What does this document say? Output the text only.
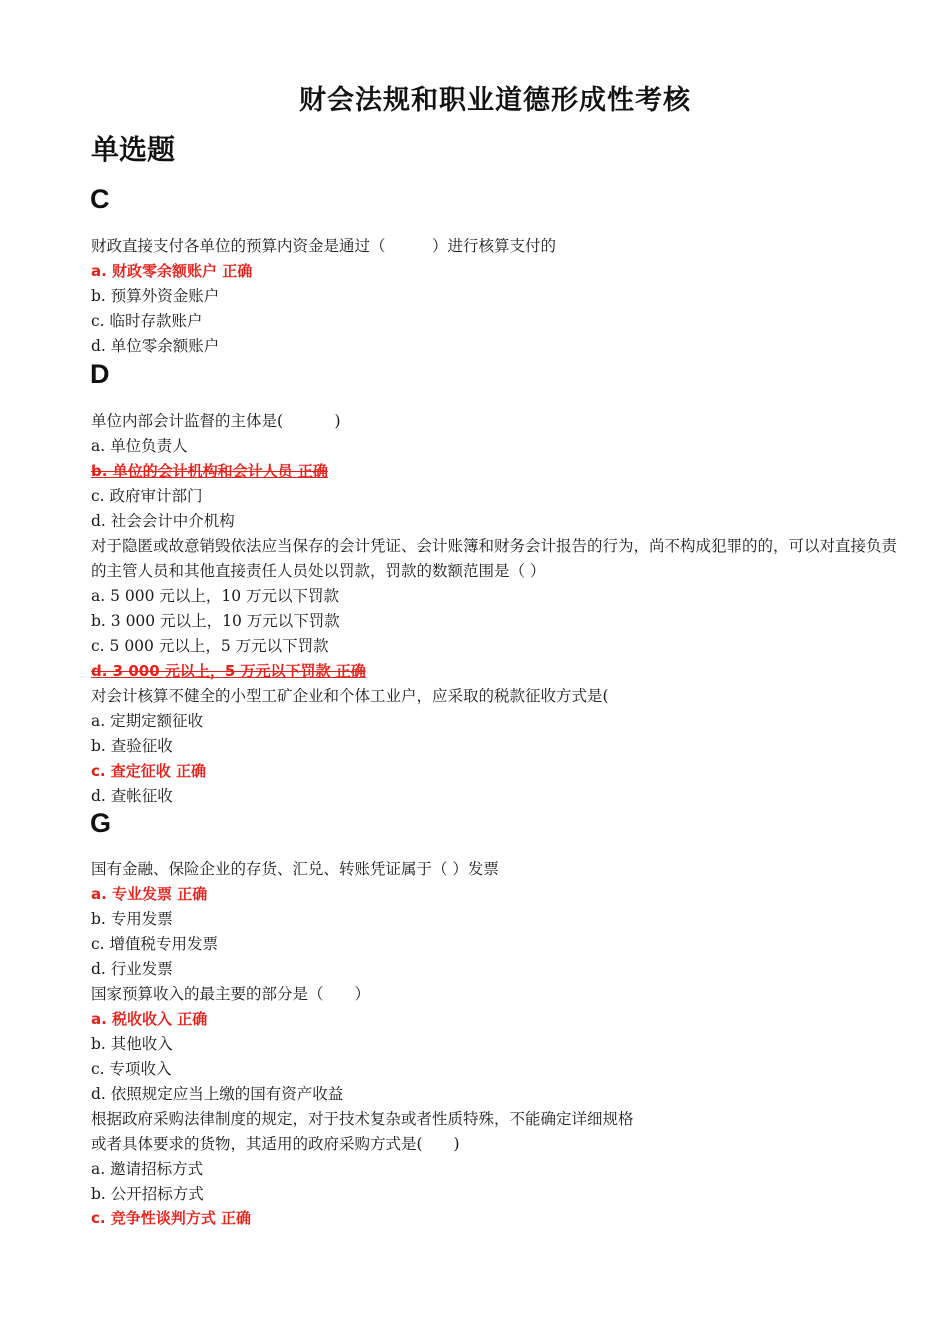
财会法规和职业道德形成性考核
单选题
C
财政直接支付各单位的预算内资金是通过（　　　）进行核算支付的
a. 财政零余额账户 正确
b. 预算外资金账户
c. 临时存款账户
d. 单位零余额账户
D
单位内部会计监督的主体是(　　　 )
a. 单位负责人
b. 单位的会计机构和会计人员 正确
c. 政府审计部门
d. 社会会计中介机构
对于隐匿或故意销毁依法应当保存的会计凭证、会计账簿和财务会计报告的行为，尚不构成犯罪的的，可以对直接负责的主管人员和其他直接责任人员处以罚款，罚款的数额范围是（ ）
a. 5 000 元以上，10 万元以下罚款
b. 3 000 元以上，10 万元以下罚款
c. 5 000 元以上，5 万元以下罚款
d. 3 000 元以上，5 万元以下罚款 正确
对会计核算不健全的小型工矿企业和个体工业户，应采取的税款征收方式是(
a. 定期定额征收
b. 查验征收
c. 查定征收 正确
d. 查帐征收
G
国有金融、保险企业的存货、汇兑、转账凭证属于（ ）发票
a. 专业发票 正确
b. 专用发票
c. 增值税专用发票
d. 行业发票
国家预算收入的最主要的部分是（　　）
a. 税收收入 正确
b. 其他收入
c. 专项收入
d. 依照规定应当上缴的国有资产收益
根据政府采购法律制度的规定，对于技术复杂或者性质特殊，不能确定详细规格
或者具体要求的货物，其适用的政府采购方式是(　　)
a. 邀请招标方式
b. 公开招标方式
c. 竞争性谈判方式 正确
